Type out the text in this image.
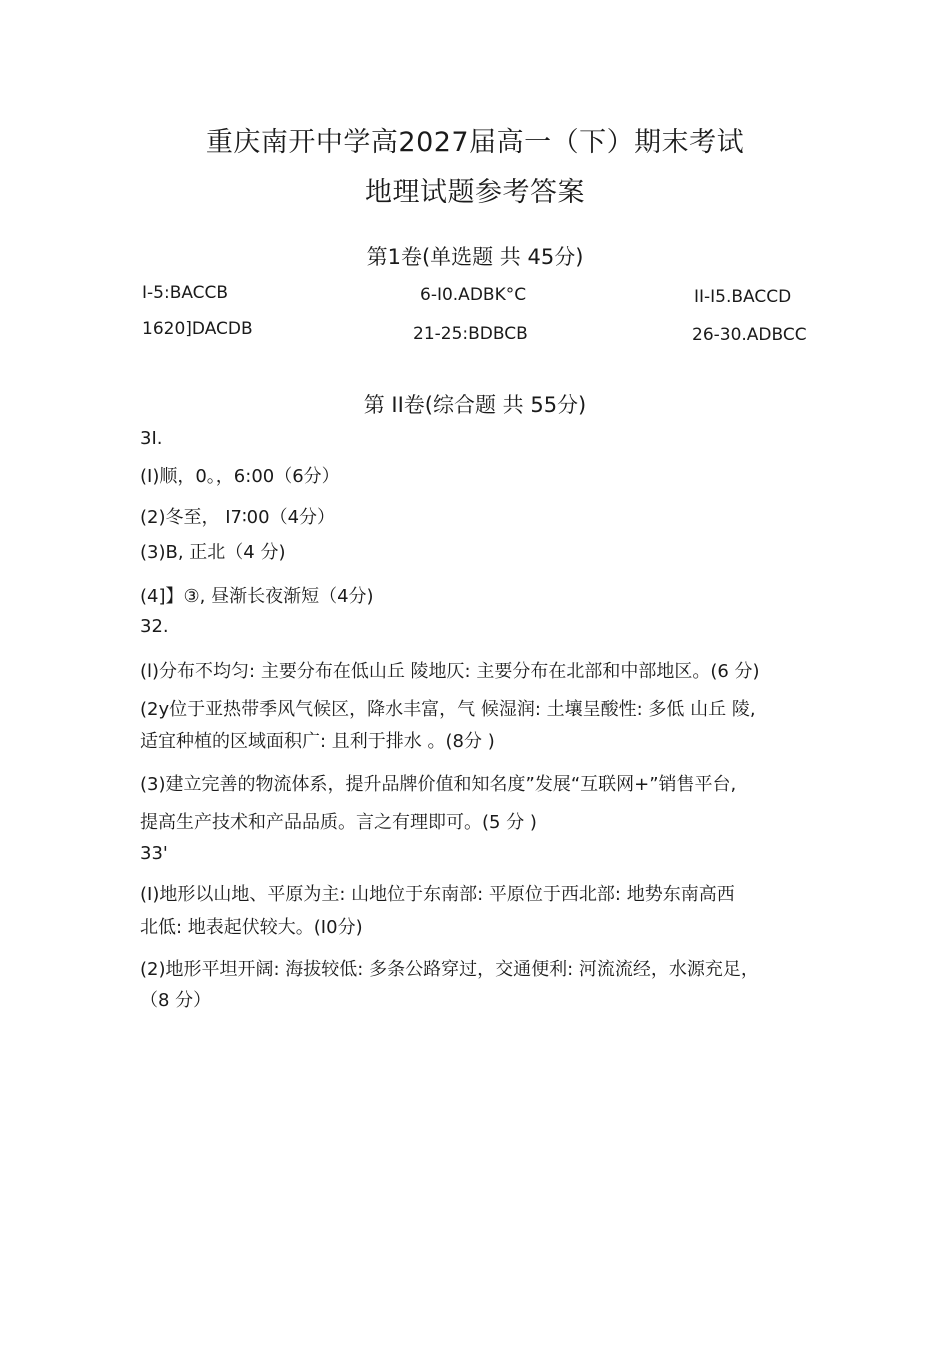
重庆南开中学高2027届高一（下）期末考试
地理试题参考答案
第1卷(单选题 共 45分)
I-5:BACCB	6-I0.ADBK°C	II-I5.BACCD
1620]DACDB	21-25:BDBCB	26-30.ADBCC
第 II卷(综合题 共 55分)
3I.
(I)顺，0。，6:00（6分）
(2)冬至， I7∶00（4分）
(3)B, 正北（4 分)
(4]】③, 昼渐长夜渐短（4分)
32.
(l)分布不均匀: 主要分布在低山丘 陵地仄: 主要分布在北部和中部地区。(6 分)
(2y位于亚热带季风气候区，降水丰富，气 候湿润: 土壤呈酸性: 多低 山丘 陵,
适宜种植的区域面积广: 且利于排水 。(8分 )
(3)建立完善的物流体系，提升品牌价值和知名度”发展“互联网+”销售平台,
提高生产技术和产品品质。言之有理即可。(5 分 )
33'
(I)地形以山地、平原为主: 山地位于东南部: 平原位于西北部: 地势东南高西
北低: 地表起伏较大。(I0分)
(2)地形平坦开阔: 海拔较低: 多条公路穿过，交通便利: 河流流经，水源充足，
（8 分）
